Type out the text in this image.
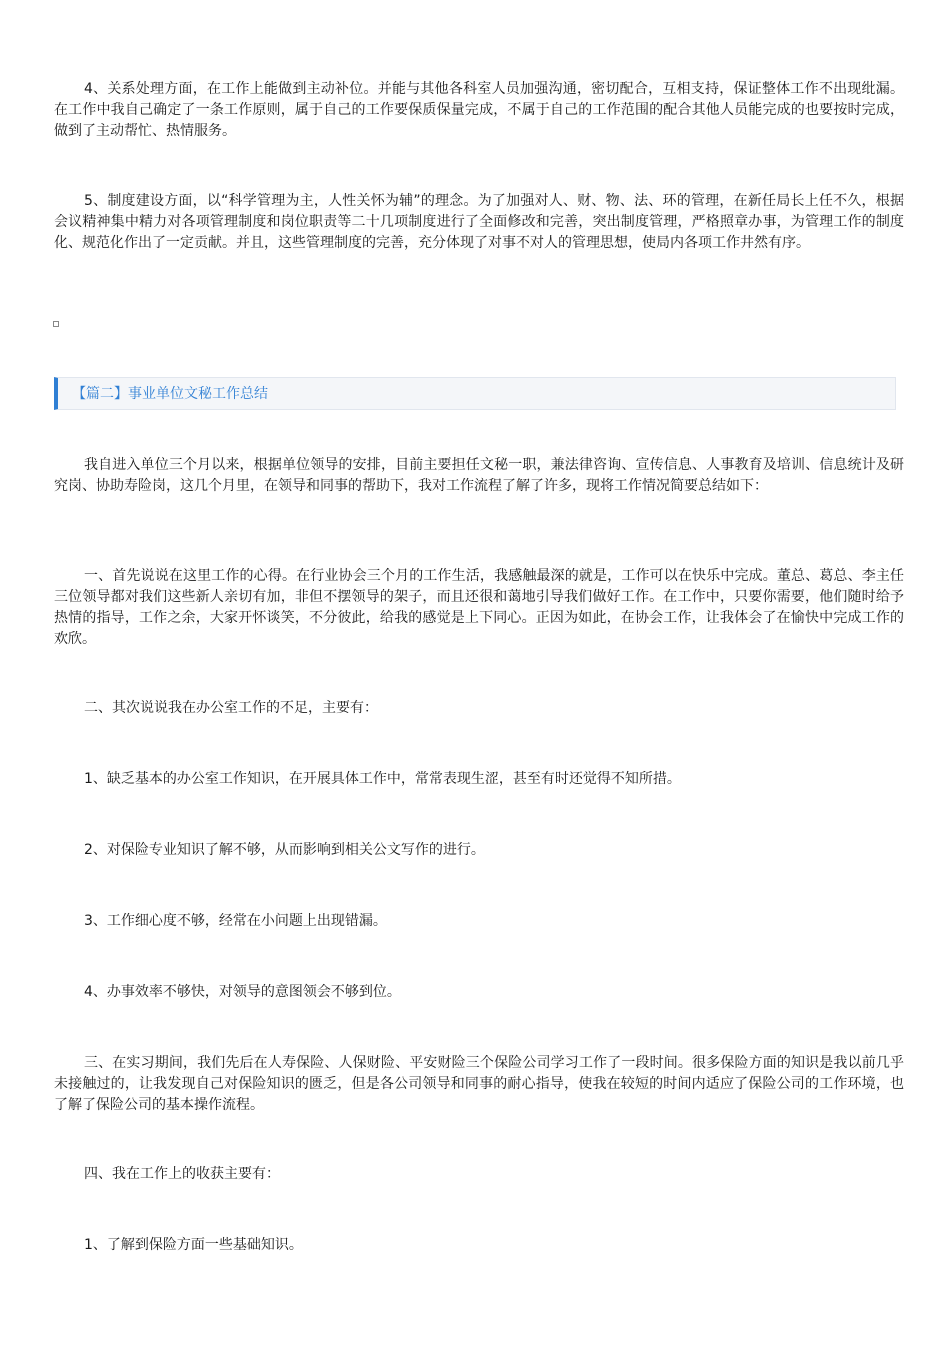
4、关系处理方面，在工作上能做到主动补位。并能与其他各科室人员加强沟通，密切配合，互相支持，保证整体工作不出现纰漏。在工作中我自己确定了一条工作原则，属于自己的工作要保质保量完成，不属于自己的工作范围的配合其他人员能完成的也要按时完成，做到了主动帮忙、热情服务。

5、制度建设方面，以“科学管理为主，人性关怀为辅”的理念。为了加强对人、财、物、法、环的管理，在新任局长上任不久，根据会议精神集中精力对各项管理制度和岗位职责等二十几项制度进行了全面修改和完善，突出制度管理，严格照章办事，为管理工作的制度化、规范化作出了一定贡献。并且，这些管理制度的完善，充分体现了对事不对人的管理思想，使局内各项工作井然有序。

【篇二】事业单位文秘工作总结

我自进入单位三个月以来，根据单位领导的安排，目前主要担任文秘一职，兼法律咨询、宣传信息、人事教育及培训、信息统计及研究岗、协助寿险岗，这几个月里，在领导和同事的帮助下，我对工作流程了解了许多，现将工作情况简要总结如下：

一、首先说说在这里工作的心得。在行业协会三个月的工作生活，我感触最深的就是，工作可以在快乐中完成。董总、葛总、李主任三位领导都对我们这些新人亲切有加，非但不摆领导的架子，而且还很和蔼地引导我们做好工作。在工作中，只要你需要，他们随时给予热情的指导，工作之余，大家开怀谈笑，不分彼此，给我的感觉是上下同心。正因为如此，在协会工作，让我体会了在愉快中完成工作的欢欣。

二、其次说说我在办公室工作的不足，主要有：

1、缺乏基本的办公室工作知识，在开展具体工作中，常常表现生涩，甚至有时还觉得不知所措。

2、对保险专业知识了解不够，从而影响到相关公文写作的进行。

3、工作细心度不够，经常在小问题上出现错漏。

4、办事效率不够快，对领导的意图领会不够到位。

三、在实习期间，我们先后在人寿保险、人保财险、平安财险三个保险公司学习工作了一段时间。很多保险方面的知识是我以前几乎未接触过的，让我发现自己对保险知识的匮乏，但是各公司领导和同事的耐心指导，使我在较短的时间内适应了保险公司的工作环境，也了解了保险公司的基本操作流程。

四、我在工作上的收获主要有：

1、了解到保险方面一些基础知识。
